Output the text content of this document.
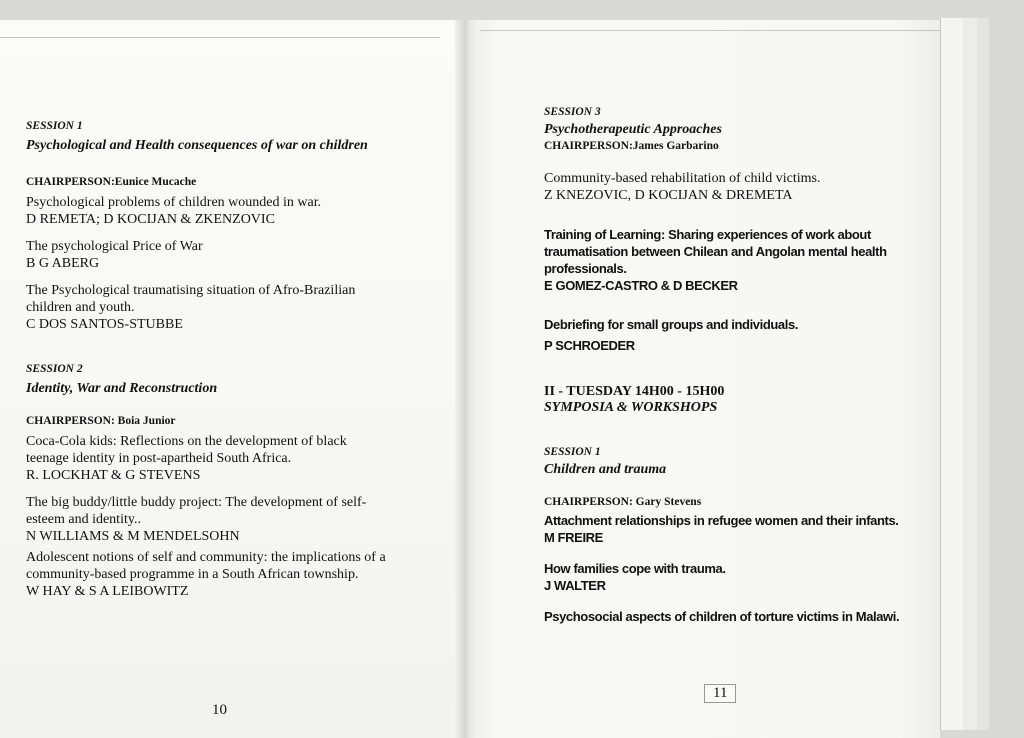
SESSION 1

Psychological and Health consequences of war on children

CHAIRPERSON:Eunice Mucache

Psychological problems of children wounded in war.
D REMETA; D KOCIJAN & ZKENZOVIC
The psychological Price of War
B G ABERG
The Psychological traumatising situation of Afro-Brazilian children and youth.
C DOS SANTOS-STUBBE

SESSION 2

Identity, War and Reconstruction

CHAIRPERSON: Boia Junior

Coca-Cola kids: Reflections on the development of black teenage identity in post-apartheid South Africa.
R. LOCKHAT & G STEVENS
The big buddy/little buddy project: The development of self-esteem and identity..
N WILLIAMS & M MENDELSOHN
Adolescent notions of self and community: the implications of a community-based programme in a South African township.
W HAY & S A LEIBOWITZ
10

SESSION 3

Psychotherapeutic Approaches

CHAIRPERSON:James Garbarino

Community-based rehabilitation of child victims.
Z KNEZOVIC, D KOCIJAN & DREMETA
Training of Learning: Sharing experiences of work about traumatisation between Chilean and Angolan mental health professionals.
E GOMEZ-CASTRO & D BECKER
Debriefing for small groups and individuals.
P SCHROEDER
II - TUESDAY 14H00 - 15H00
SYMPOSIA & WORKSHOPS

SESSION 1

Children and trauma

CHAIRPERSON: Gary Stevens

Attachment relationships in refugee women and their infants.
M FREIRE
How families cope with trauma.
J WALTER
Psychosocial aspects of children of torture victims in Malawi.
11
